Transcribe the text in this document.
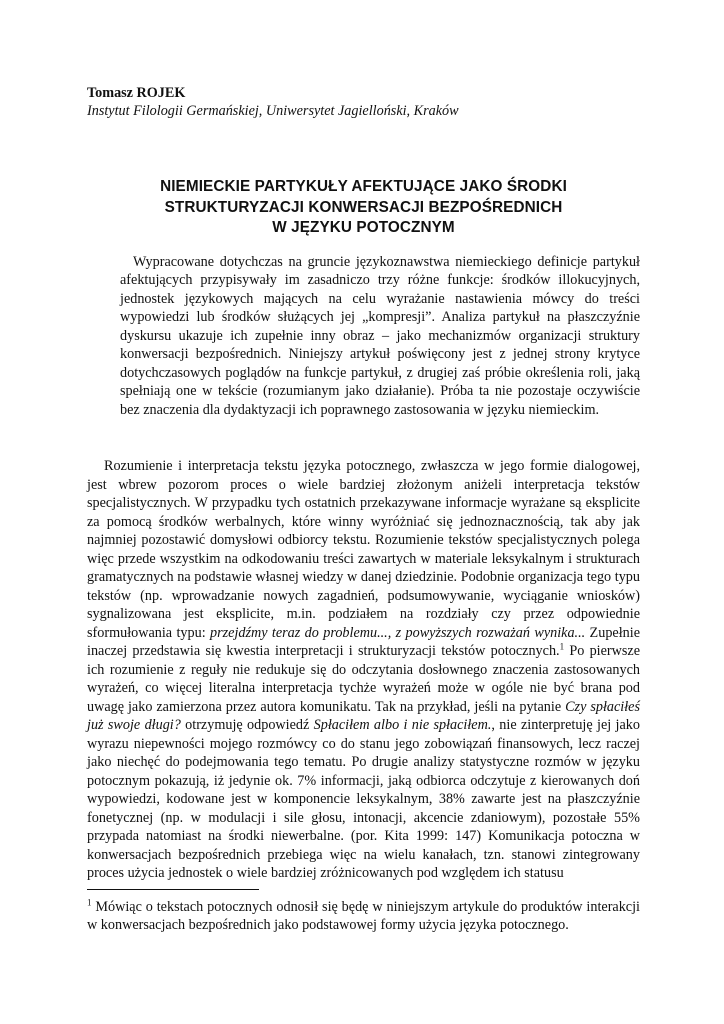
Tomasz ROJEK
Instytut Filologii Germańskiej, Uniwersytet Jagielloński, Kraków
NIEMIECKIE PARTYKUŁY AFEKTUJĄCE JAKO ŚRODKI
STRUKTURYZACJI KONWERSACJI BEZPOŚREDNICH
W JĘZYKU POTOCZNYM
Wypracowane dotychczas na gruncie językoznawstwa niemieckiego definicje partykuł afektujących przypisywały im zasadniczo trzy różne funkcje: środków illokucyjnych, jednostek językowych mających na celu wyrażanie nastawienia mówcy do treści wypowiedzi lub środków służących jej „kompresji”. Analiza partykuł na płaszczyźnie dyskursu ukazuje ich zupełnie inny obraz – jako mechanizmów organizacji struktury konwersacji bezpośrednich. Niniejszy artykuł poświęcony jest z jednej strony krytyce dotychczasowych poglądów na funkcje partykuł, z drugiej zaś próbie określenia roli, jaką spełniają one w tekście (rozumianym jako działanie). Próba ta nie pozostaje oczywiście bez znaczenia dla dydaktyzacji ich poprawnego zastosowania w języku niemieckim.
Rozumienie i interpretacja tekstu języka potocznego, zwłaszcza w jego formie dialogowej, jest wbrew pozorom proces o wiele bardziej złożonym aniżeli interpretacja tekstów specjalistycznych. W przypadku tych ostatnich przekazywane informacje wyrażane są eksplicite za pomocą środków werbalnych, które winny wyróżniać się jednoznacznością, tak aby jak najmniej pozostawić domysłowi odbiorcy tekstu. Rozumienie tekstów specjalistycznych polega więc przede wszystkim na odkodowaniu treści zawartych w materiale leksykalnym i strukturach gramatycznych na podstawie własnej wiedzy w danej dziedzinie. Podobnie organizacja tego typu tekstów (np. wprowadzanie nowych zagadnień, podsumowywanie, wyciąganie wniosków) sygnalizowana jest eksplicite, m.in. podziałem na rozdziały czy przez odpowiednie sformułowania typu: przejdźmy teraz do problemu..., z powyższych rozważań wynika... Zupełnie inaczej przedstawia się kwestia interpretacji i strukturyzacji tekstów potocznych.$^1$ Po pierwsze ich rozumienie z reguły nie redukuje się do odczytania dosłownego znaczenia zastosowanych wyrażeń, co więcej literalna interpretacja tychże wyrażeń może w ogóle nie być brana pod uwagę jako zamierzona przez autora komunikatu. Tak na przykład, jeśli na pytanie Czy spłaciłeś już swoje długi? otrzymuję odpowiedź Spłaciłem albo i nie spłaciłem., nie zinterpretuję jej jako wyrazu niepewności mojego rozmówcy co do stanu jego zobowiązań finansowych, lecz raczej jako niechęć do podejmowania tego tematu. Po drugie analizy statystyczne rozmów w języku potocznym pokazują, iż jedynie ok. 7% informacji, jaką odbiorca odczytuje z kierowanych doń wypowiedzi, kodowane jest w komponencie leksykalnym, 38% zawarte jest na płaszczyźnie fonetycznej (np. w modulacji i sile głosu, intonacji, akcencie zdaniowym), pozostałe 55% przypada natomiast na środki niewerbalne. (por. Kita 1999: 147) Komunikacja potoczna w konwersacjach bezpośrednich przebiega więc na wielu kanałach, tzn. stanowi zintegrowany proces użycia jednostek o wiele bardziej zróżnicowanych pod względem ich statusu
$^1$ Mówiąc o tekstach potocznych odnosił się będę w niniejszym artykule do produktów interakcji w konwersacjach bezpośrednich jako podstawowej formy użycia języka potocznego.
